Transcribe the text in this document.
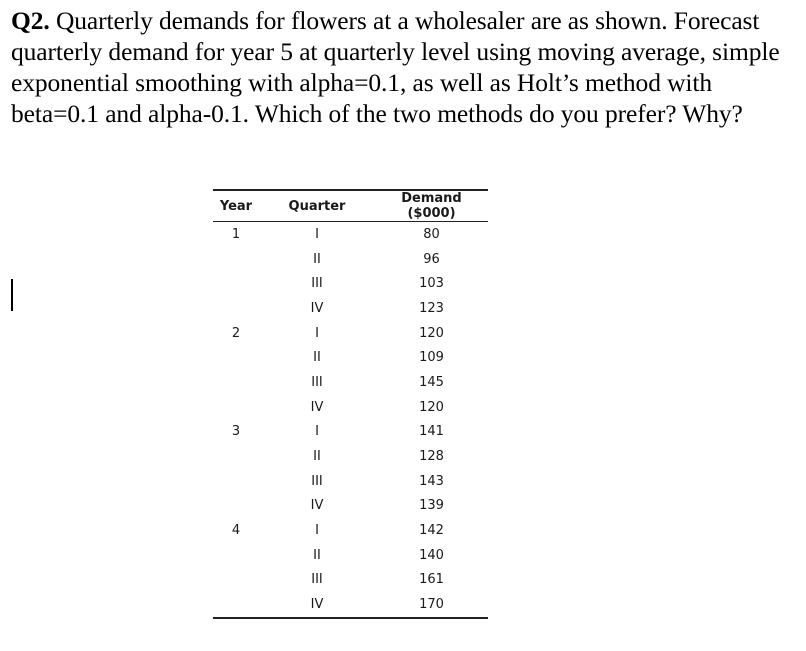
Q2. Quarterly demands for flowers at a wholesaler are as shown. Forecast quarterly demand for year 5 at quarterly level using moving average, simple exponential smoothing with alpha=0.1, as well as Holt’s method with beta=0.1 and alpha-0.1. Which of the two methods do you prefer? Why?

Year	Quarter	Demand ($000)
1	I	80
	II	96
	III	103
	IV	123
2	I	120
	II	109
	III	145
	IV	120
3	I	141
	II	128
	III	143
	IV	139
4	I	142
	II	140
	III	161
	IV	170
